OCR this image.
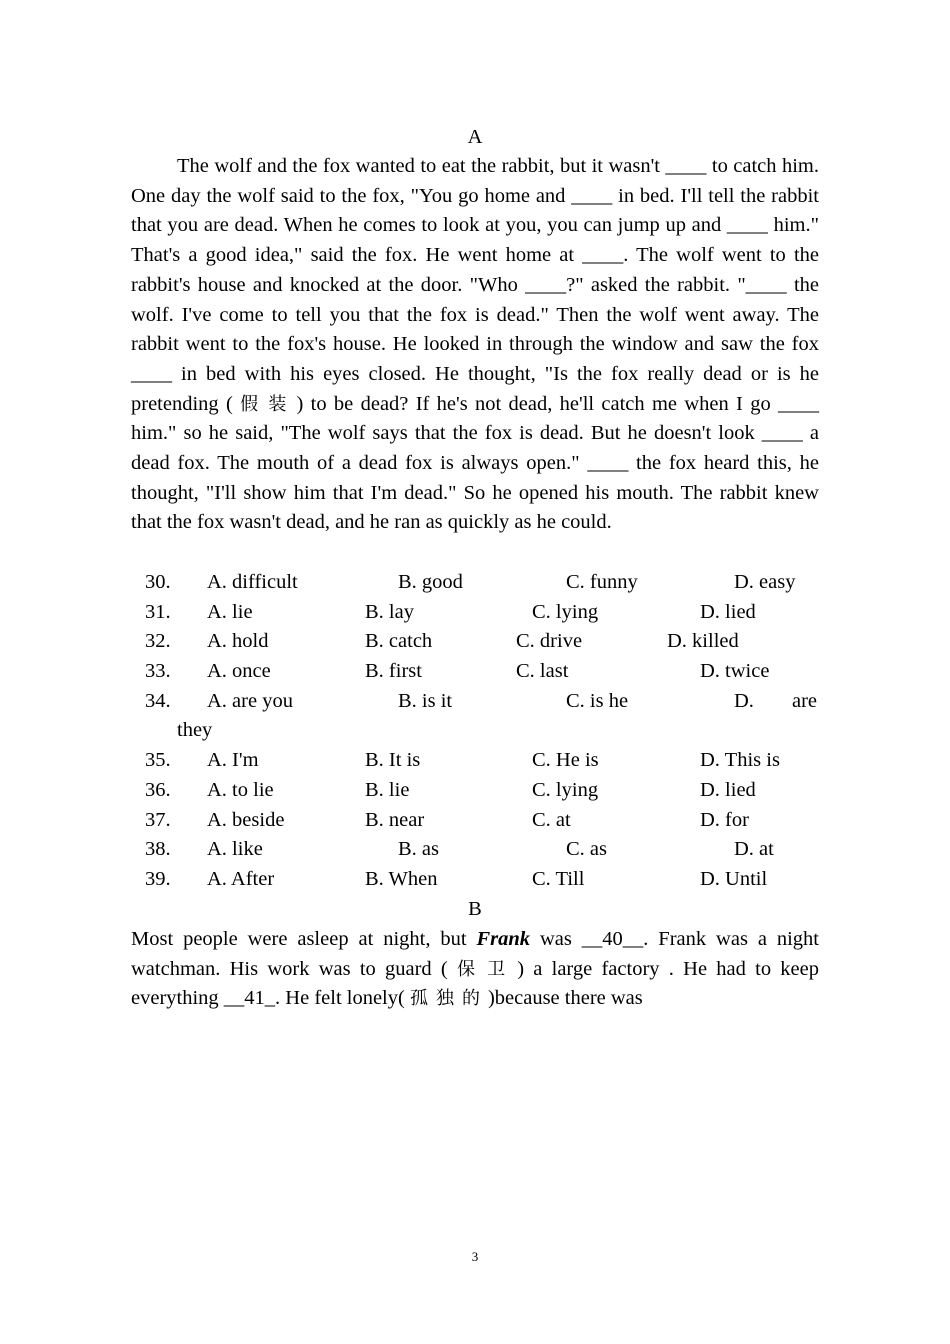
A

The wolf and the fox wanted to eat the rabbit, but it wasn't ____ to catch him. One day the wolf said to the fox, "You go home and ____ in bed. I'll tell the rabbit that you are dead. When he comes to look at you, you can jump up and ____ him." That's a good idea," said the fox. He went home at ____. The wolf went to the rabbit's house and knocked at the door. "Who ____?" asked the rabbit. "____ the wolf. I've come to tell you that the fox is dead." Then the wolf went away. The rabbit went to the fox's house. He looked in through the window and saw the fox ____ in bed with his eyes closed. He thought, "Is the fox really dead or is he pretending ( 假装) to be dead? If he's not dead, he'll catch me when I go ____ him." so he said, "The wolf says that the fox is dead. But he doesn't look ____ a dead fox. The mouth of a dead fox is always open." ____ the fox heard this, he thought, "I'll show him that I'm dead." So he opened his mouth. The rabbit knew that the fox wasn't dead, and he ran as quickly as he could.

30. A. difficult	B. good	C. funny	D. easy
31. A. lie	B. lay	C. lying	D. lied
32. A. hold	B. catch	C. drive	D. killed
33. A. once	B. first	C. last	D. twice
34. A. are you	B. is it	C. is he	D. are
they
35. A. I'm	B. It is	C. He is	D. This is
36. A. to lie	B. lie	C. lying	D. lied
37. A. beside	B. near	C. at	D. for
38. A. like	B. as	C. as	D. at
39. A. After	B. When	C. Till	D. Until
B

Most people were asleep at night, but Frank was __40__. Frank was a night watchman. His work was to guard ( 保卫) a large factory . He had to keep everything __41_. He felt lonely( 孤独的)because there was

3
